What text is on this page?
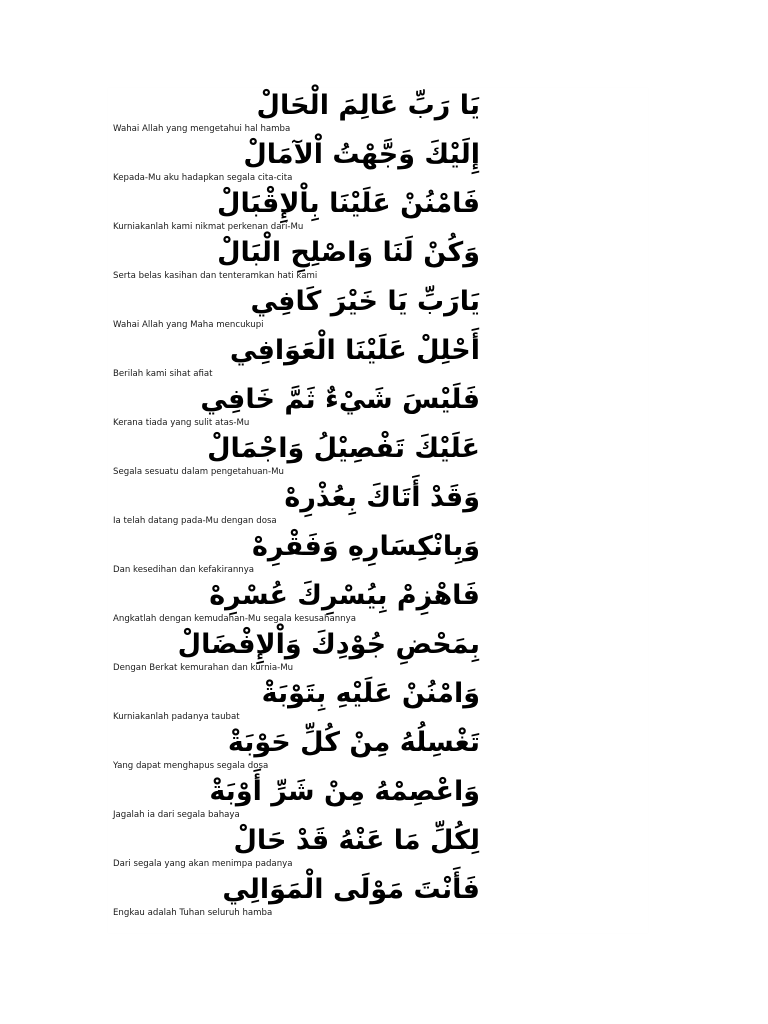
يَا رَبِّ عَالِمَ الْحَالْ
Wahai Allah yang mengetahui hal hamba
إِلَيْكَ وَجَّهْتُ اْلآمَالْ
Kepada-Mu aku hadapkan segala cita-cita
فَامْنُنْ عَلَيْنَا بِاْلإِقْبَالْ
Kurniakanlah kami nikmat perkenan dari-Mu
وَكُنْ لَنَا وَاصْلِحِ الْبَالْ
Serta belas kasihan dan tenteramkan hati kami
يَارَبِّ يَا خَيْرَ كَافِي
Wahai Allah yang Maha mencukupi
أَحْلِلْ عَلَيْنَا الْعَوَافِي
Berilah kami sihat afiat
فَلَيْسَ شَيْءٌ ثَمَّ خَافِي
Kerana tiada yang sulit atas-Mu
عَلَيْكَ تَفْصِيْلُ وَاجْمَالْ
Segala sesuatu dalam pengetahuan-Mu
وَقَدْ أَتَاكَ بِعُذْرِهْ
Ia telah datang pada-Mu dengan dosa
وَبِانْكِسَارِهِ وَفَقْرِهْ
Dan kesedihan dan kefakirannya
فَاهْزِمْ بِيُسْرِكَ عُسْرِهْ
Angkatlah dengan kemudahan-Mu segala kesusahannya
بِمَحْضِ جُوْدِكَ وَاْلإِفْضَالْ
Dengan Berkat kemurahan dan kurnia-Mu
وَامْنُنْ عَلَيْهِ بِتَوْبَةْ
Kurniakanlah padanya taubat
تَغْسِلُهُ مِنْ كُلِّ حَوْبَةْ
Yang dapat menghapus segala dosa
وَاعْصِمْهُ مِنْ شَرِّ أَوْبَةْ
Jagalah ia dari segala bahaya
لِكُلِّ مَا عَنْهُ قَدْ حَالْ
Dari segala yang akan menimpa padanya
فَأَنْتَ مَوْلَى الْمَوَالِي
Engkau adalah Tuhan seluruh hamba
